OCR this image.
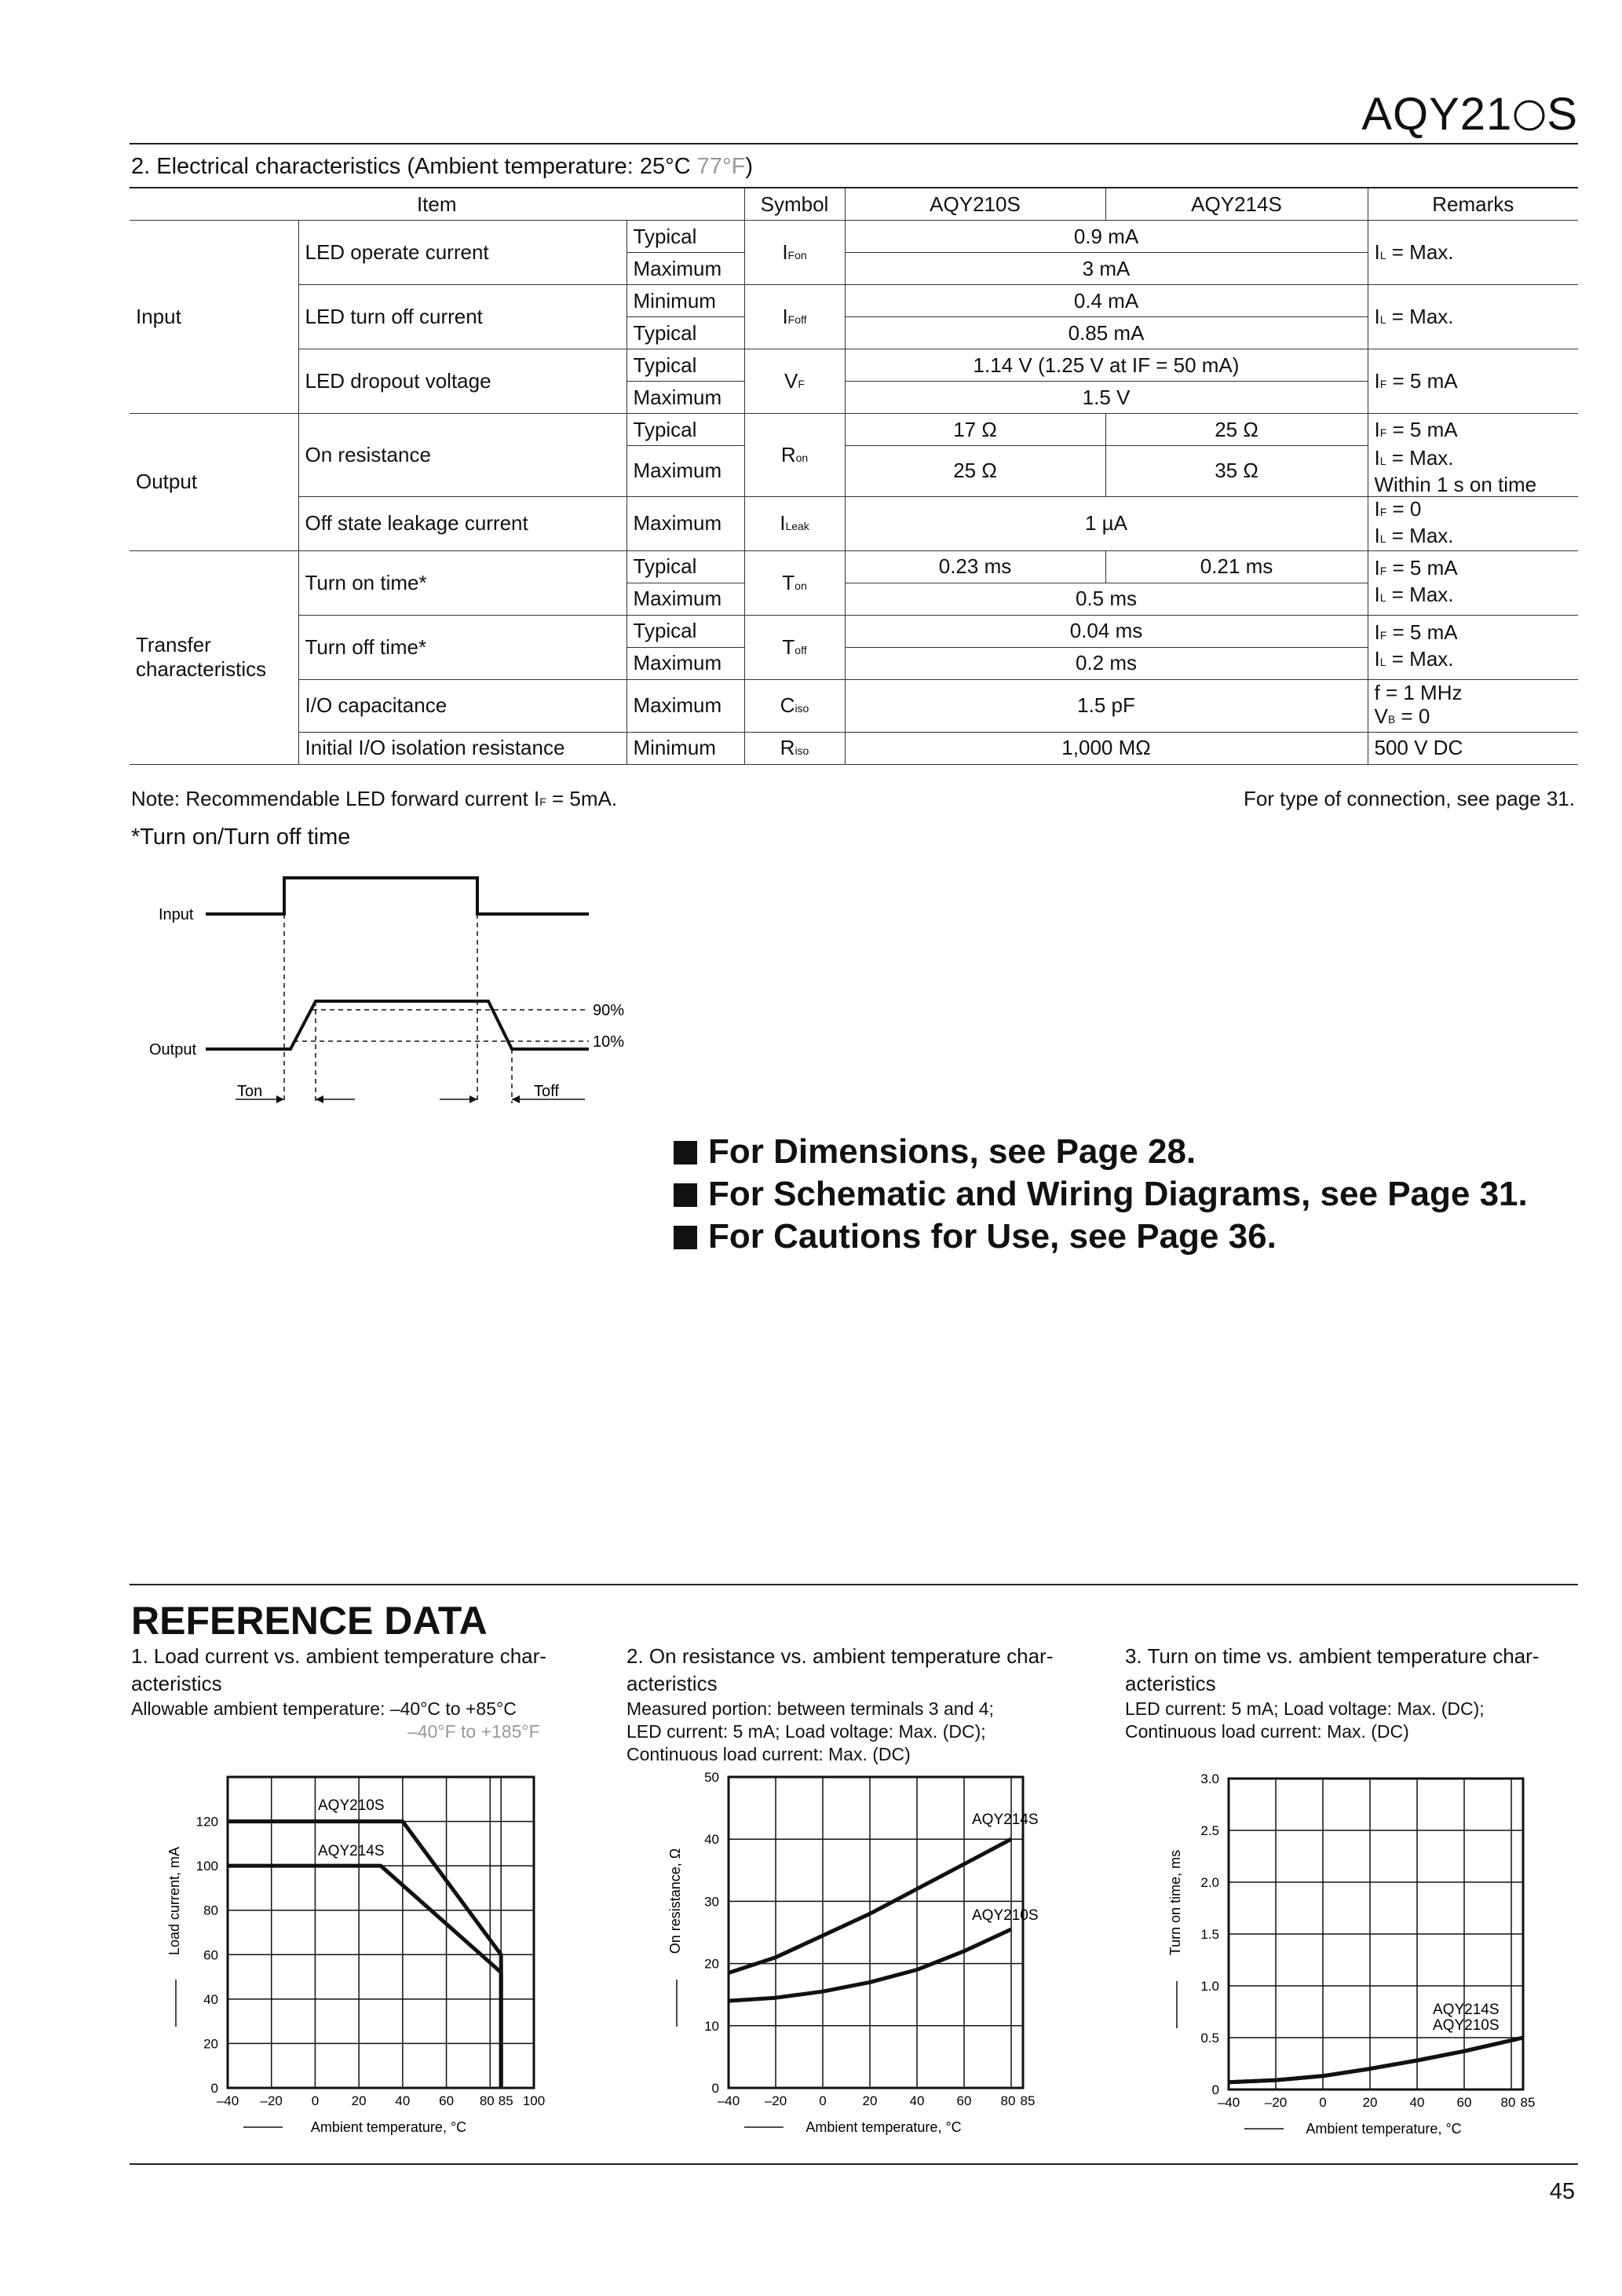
AQY21 S
2. Electrical characteristics (Ambient temperature: 25°C 77°F)
Item			Symbol	AQY210S	AQY214S	Remarks
Input	LED operate current	Typical	IFon	0.9 mA		IL = Max.
		Maximum		3 mA		
	LED turn off current	Minimum	IFoff	0.4 mA		IL = Max.
		Typical		0.85 mA		
	LED dropout voltage	Typical	VF	1.14 V (1.25 V at IF = 50 mA)		IF = 5 mA
		Maximum		1.5 V		
Output	On resistance	Typical	Ron	17 Ω	25 Ω	IF = 5 mA
		Maximum		25 Ω	35 Ω	IL = Max.
Within 1 s on time
	Off state leakage current	Maximum	ILeak	1 µA		IF = 0
IL = Max.
Transfer characteristics	Turn on time*	Typical	Ton	0.23 ms	0.21 ms	IF = 5 mA
IL = Max.
		Maximum		0.5 ms		
	Turn off time*	Typical	Toff	0.04 ms		IF = 5 mA
IL = Max.
		Maximum		0.2 ms		
	I/O capacitance	Maximum	Ciso	1.5 pF		f = 1 MHz
VB = 0
	Initial I/O isolation resistance	Minimum	Riso	1,000 MΩ		500 V DC
Note: Recommendable LED forward current IF = 5mA.	For type of connection, see page 31.
*Turn on/Turn off time
Input
Output
90%
10%
Ton	Toff
For Dimensions, see Page 28.
For Schematic and Wiring Diagrams, see Page 31.
For Cautions for Use, see Page 36.
REFERENCE DATA
1. Load current vs. ambient temperature char-
acteristics
Allowable ambient temperature: –40°C to +85°C
–40°F to +185°F
2. On resistance vs. ambient temperature char-
acteristics
Measured portion: between terminals 3 and 4;
LED current: 5 mA; Load voltage: Max. (DC);
Continuous load current: Max. (DC)
3. Turn on time vs. ambient temperature char-
acteristics
LED current: 5 mA; Load voltage: Max. (DC);
Continuous load current: Max. (DC)
–40 –20 0 20 40 60 80 85 100
0
20
40
60
80
100
120
Ambient temperature, °C
Load current, mA
AQY210S
AQY214S
–40 –20 0	20 40 60 80 85
0
10
20
30
40
50
Ambient temperature, °C
On resistance, Ω
AQY214S
AQY210S
–40 –20 0	20 40 60 80 85
0
0.5
1.0
1.5
2.0
2.5
3.0
Ambient temperature, °C
Turn on time, ms
AQY214S
AQY210S
45
